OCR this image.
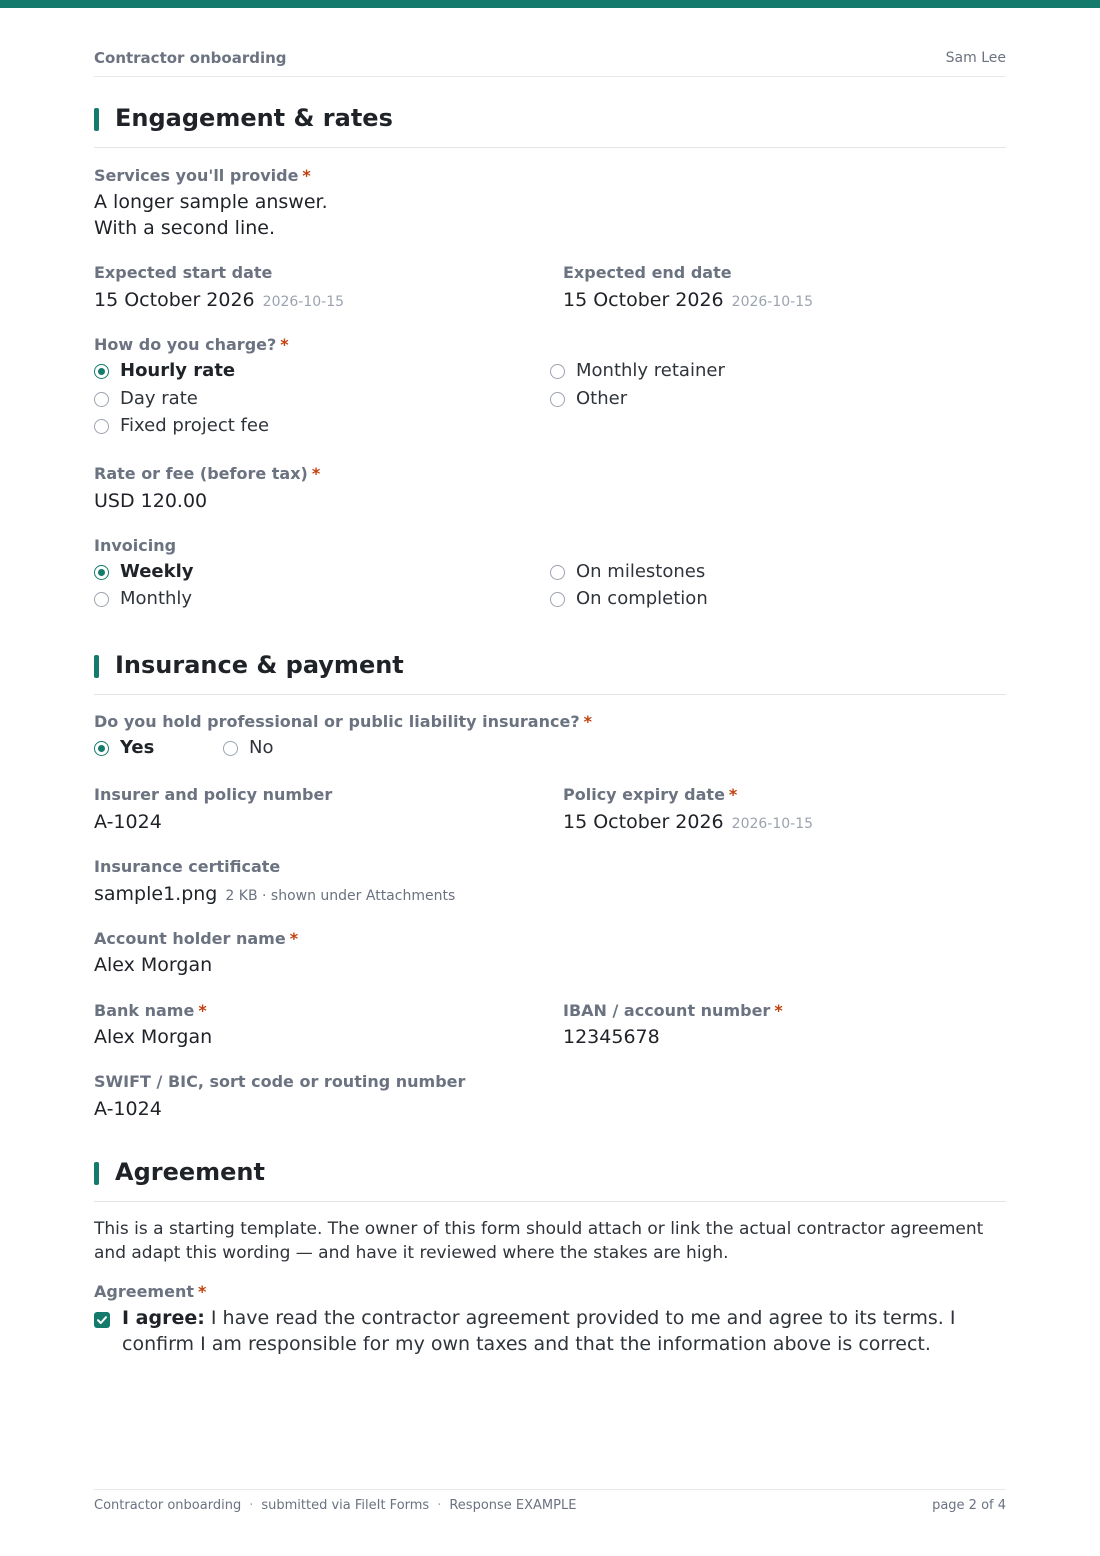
Contractor onboarding	Sam Lee
Engagement & rates
Services you'll provide *
A longer sample answer.
With a second line.
Expected start date
15 October 2026 2026-10-15
Expected end date
15 October 2026 2026-10-15
How do you charge? *
Hourly rate
Day rate
Fixed project fee
Monthly retainer
Other
Rate or fee (before tax) *
USD 120.00
Invoicing
Weekly
Monthly
On milestones
On completion
Insurance & payment
Do you hold professional or public liability insurance? *
Yes	No
Insurer and policy number
A-1024
Policy expiry date *
15 October 2026 2026-10-15
Insurance certificate
sample1.png 2 KB · shown under Attachments
Account holder name *
Alex Morgan
Bank name *
Alex Morgan
IBAN / account number *
12345678
SWIFT / BIC, sort code or routing number
A-1024
Agreement
This is a starting template. The owner of this form should attach or link the actual contractor agreement and adapt this wording — and have it reviewed where the stakes are high.
Agreement *
I agree: I have read the contractor agreement provided to me and agree to its terms. I confirm I am responsible for my own taxes and that the information above is correct.
Contractor onboarding · submitted via FileIt Forms · Response EXAMPLE	page 2 of 4
